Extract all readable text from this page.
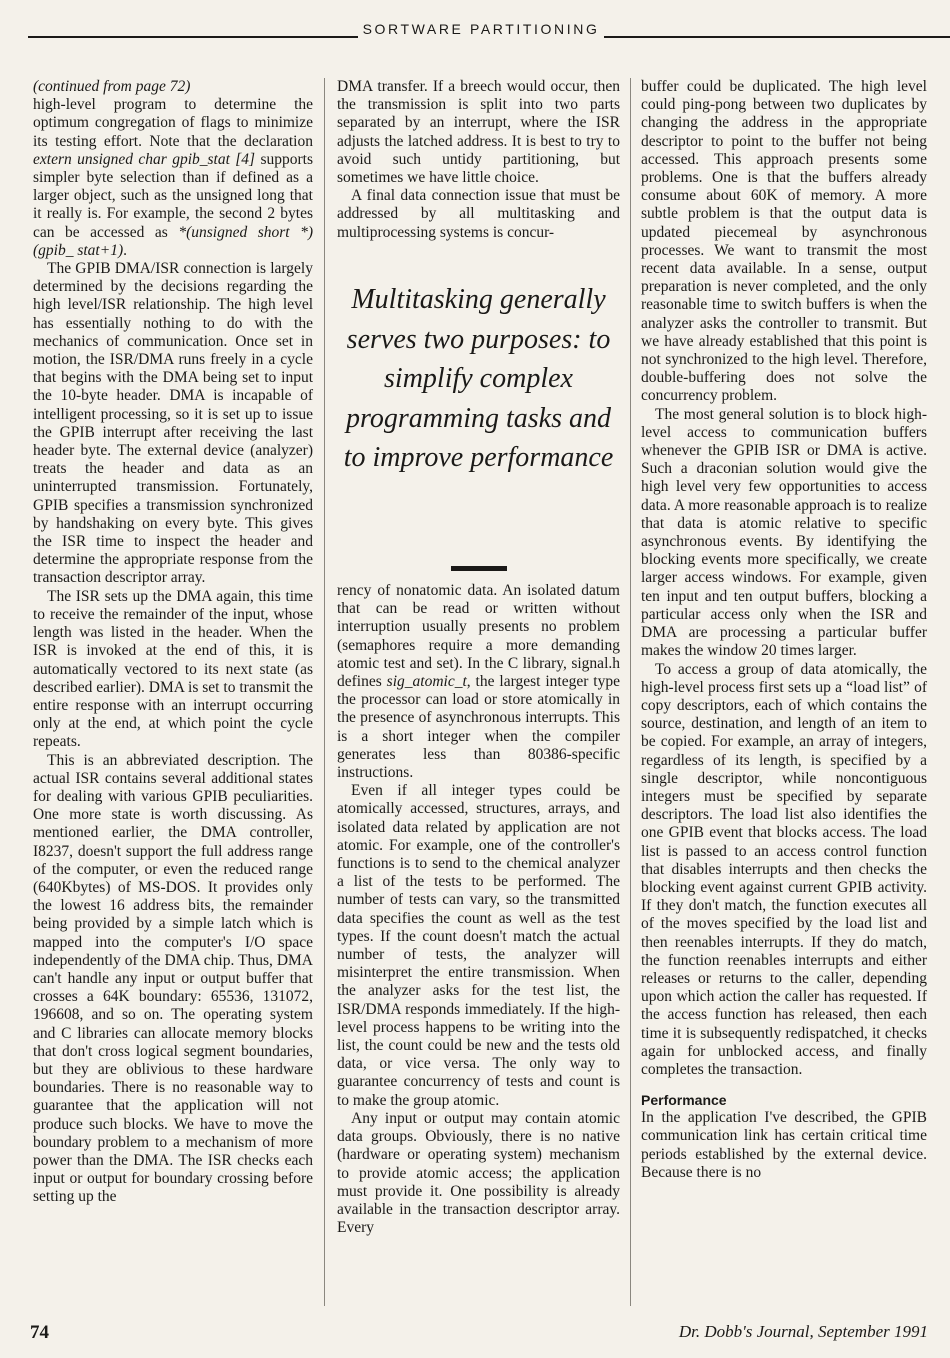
SORTWARE PARTITIONING

(continued from page 72)

high-level program to determine the optimum congregation of flags to minimize its testing effort. Note that the declaration extern unsigned char gpib_stat [4] supports simpler byte selection than if defined as a larger object, such as the unsigned long that it really is. For example, the second 2 bytes can be accessed as *(unsigned short *)(gpib_ stat+1).

The GPIB DMA/ISR connection is largely determined by the decisions regarding the high level/ISR relationship. The high level has essentially nothing to do with the mechanics of communication. Once set in motion, the ISR/DMA runs freely in a cycle that begins with the DMA being set to input the 10-byte header. DMA is incapable of intelligent processing, so it is set up to issue the GPIB interrupt after receiving the last header byte. The external device (analyzer) treats the header and data as an uninterrupted transmission. Fortunately, GPIB specifies a transmission synchronized by handshaking on every byte. This gives the ISR time to inspect the header and determine the appropriate response from the transaction descriptor array.

The ISR sets up the DMA again, this time to receive the remainder of the input, whose length was listed in the header. When the ISR is invoked at the end of this, it is automatically vectored to its next state (as described earlier). DMA is set to transmit the entire response with an interrupt occurring only at the end, at which point the cycle repeats.

This is an abbreviated description. The actual ISR contains several additional states for dealing with various GPIB peculiarities. One more state is worth discussing. As mentioned earlier, the DMA controller, I8237, doesn't support the full address range of the computer, or even the reduced range (640Kbytes) of MS-DOS. It provides only the lowest 16 address bits, the remainder being provided by a simple latch which is mapped into the computer's I/O space independently of the DMA chip. Thus, DMA can't handle any input or output buffer that crosses a 64K boundary: 65536, 131072, 196608, and so on. The operating system and C libraries can allocate memory blocks that don't cross logical segment boundaries, but they are oblivious to these hardware boundaries. There is no reasonable way to guarantee that the application will not produce such blocks. We have to move the boundary problem to a mechanism of more power than the DMA. The ISR checks each input or output for boundary crossing before setting up the

DMA transfer. If a breech would occur, then the transmission is split into two parts separated by an interrupt, where the ISR adjusts the latched address. It is best to try to avoid such untidy partitioning, but sometimes we have little choice.

A final data connection issue that must be addressed by all multitasking and multiprocessing systems is concur-

Multitasking generally serves two purposes: to simplify complex programming tasks and to improve performance

rency of nonatomic data. An isolated datum that can be read or written without interruption usually presents no problem (semaphores require a more demanding atomic test and set). In the C library, signal.h defines sig_atomic_t, the largest integer type the processor can load or store atomically in the presence of asynchronous interrupts. This is a short integer when the compiler generates less than 80386-specific instructions.

Even if all integer types could be atomically accessed, structures, arrays, and isolated data related by application are not atomic. For example, one of the controller's functions is to send to the chemical analyzer a list of the tests to be performed. The number of tests can vary, so the transmitted data specifies the count as well as the test types. If the count doesn't match the actual number of tests, the analyzer will misinterpret the entire transmission. When the analyzer asks for the test list, the ISR/DMA responds immediately. If the high-level process happens to be writing into the list, the count could be new and the tests old data, or vice versa. The only way to guarantee concurrency of tests and count is to make the group atomic.

Any input or output may contain atomic data groups. Obviously, there is no native (hardware or operating system) mechanism to provide atomic access; the application must provide it. One possibility is already available in the transaction descriptor array. Every

buffer could be duplicated. The high level could ping-pong between two duplicates by changing the address in the appropriate descriptor to point to the buffer not being accessed. This approach presents some problems. One is that the buffers already consume about 60K of memory. A more subtle problem is that the output data is updated piecemeal by asynchronous processes. We want to transmit the most recent data available. In a sense, output preparation is never completed, and the only reasonable time to switch buffers is when the analyzer asks the controller to transmit. But we have already established that this point is not synchronized to the high level. Therefore, double-buffering does not solve the concurrency problem.

The most general solution is to block high-level access to communication buffers whenever the GPIB ISR or DMA is active. Such a draconian solution would give the high level very few opportunities to access data. A more reasonable approach is to realize that data is atomic relative to specific asynchronous events. By identifying the blocking events more specifically, we create larger access windows. For example, given ten input and ten output buffers, blocking a particular access only when the ISR and DMA are processing a particular buffer makes the window 20 times larger.

To access a group of data atomically, the high-level process first sets up a “load list” of copy descriptors, each of which contains the source, destination, and length of an item to be copied. For example, an array of integers, regardless of its length, is specified by a single descriptor, while noncontiguous integers must be specified by separate descriptors. The load list also identifies the one GPIB event that blocks access. The load list is passed to an access control function that disables interrupts and then checks the blocking event against current GPIB activity. If they don't match, the function executes all of the moves specified by the load list and then reenables interrupts. If they do match, the function reenables interrupts and either releases or returns to the caller, depending upon which action the caller has requested. If the access function has released, then each time it is subsequently redispatched, it checks again for unblocked access, and finally completes the transaction.

Performance

In the application I've described, the GPIB communication link has certain critical time periods established by the external device. Because there is no

74	Dr. Dobb's Journal, September 1991
